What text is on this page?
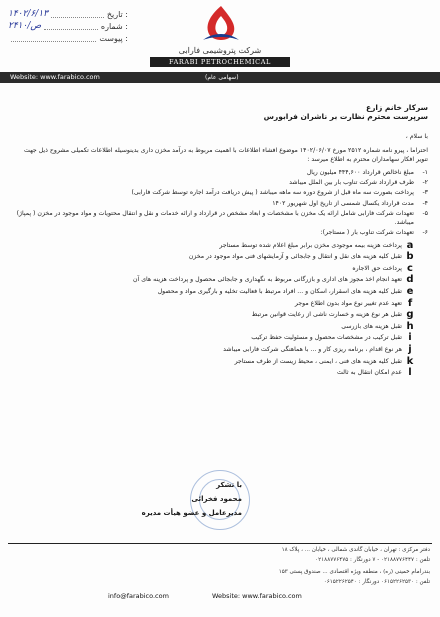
۱۴۰۲/۶/۱۳	تاریخ :
۲۴۱۰/ص	شماره :
پیوست :
شرکت پتروشیمی فارابی
FARABI PETROCHEMICAL
Website: www.farabico.com	(سهامی عام)
سرکار خانم زارع
سرپرست محترم نظارت بر ناشران فرابورس
با سلام ،
احتراما ، پیرو نامه شماره ۲۵۱۲ مورخ ۱۴۰۲/۰۶/۰۷ موضوع افشاء اطلاعات با اهمیت مربوط به درآمد مخزن داری بدینوسیله اطلاعات تکمیلی مشروح ذیل جهت تنویر افکار سهامداران محترم به اطلاع میرسد :
۱-
مبلغ ناخالص قرارداد ۴۴۴,۶۰۰ میلیون ریال
۲-
طرف قرارداد شرکت تناوب بار بین الملل میباشد
۳-
پرداخت بصورت سه ماه قبل از شروع دوره سه ماهه میباشد ( پیش دریافت درآمد اجاره توسط شرکت فارابی)
۴-
مدت قرارداد یکسال شمسی از تاریخ اول شهریور ۱۴۰۲
۵-
تعهدات شرکت فارابی شامل ارائه یک مخزن با مشخصات و ابعاد مشخص در قرارداد و ارائه خدمات و نقل و انتقال محتویات و مواد موجود در مخزن ( پمپاژ) میباشد.
۶-
تعهدات شرکت تناوب بار ( مستاجر):
a
پرداخت هزینه بیمه موجودی مخزن برابر مبلغ اعلام شده توسط مستاجر
b
تقبل کلیه هزینه های نقل و انتقال و جابجائی و آزمایشهای فنی مواد موجود در مخزن
c
پرداخت حق الاجاره
d
تعهد انجام اخذ مجوز های اداری و بازرگانی مربوط به نگهداری و جابجائی محصول و پرداخت هزینه های آن
e
تقبل کلیه هزینه های اسقرار، اسکان و ... افراد مرتبط با فعالیت تخلیه و بارگیری مواد و محصول
f
تعهد عدم تغییر نوع مواد بدون اطلاع موجر
g
تقبل هر نوع هزینه و خسارت ناشی از رعایت قوانین مرتبط
h
تقبل هزینه های بازرسی
i
تقبل ترکیب در مشخصات محصول و مسئولیت حفظ ترکیب
j
هر نوع اقدام ، برنامه ریزی کار و ... با هماهنگی شرکت فارابی میباشد
k
تقبل کلیه هزینه های فنی ، ایمنی ، محیط زیست از طرف مستاجر
l
عدم امکان انتقال به ثالث
با تشکر
محمود فخرائی
مدیرعامل و عضو هیأت مدیره
دفتر مرکزی : تهران ، خیابان گاندی شمالی ، خیابان ... ، پلاک ۱۸
تلفن : ۰۲۱۸۸۷۷۶۴۴۷ - ۷ دورنگار : ۰۲۱۸۸۷۷۶۴۷۵
بندرامام خمینی (ره) ، منطقه ویژه اقتصادی ... صندوق پستی ۱۵۳
تلفن : ۰۶۱۵۲۲۶۲۵۳۰ دورنگار : ۰۶۱۵۲۲۶۲۵۴۰
info@farabico.com	Website: www.farabico.com
